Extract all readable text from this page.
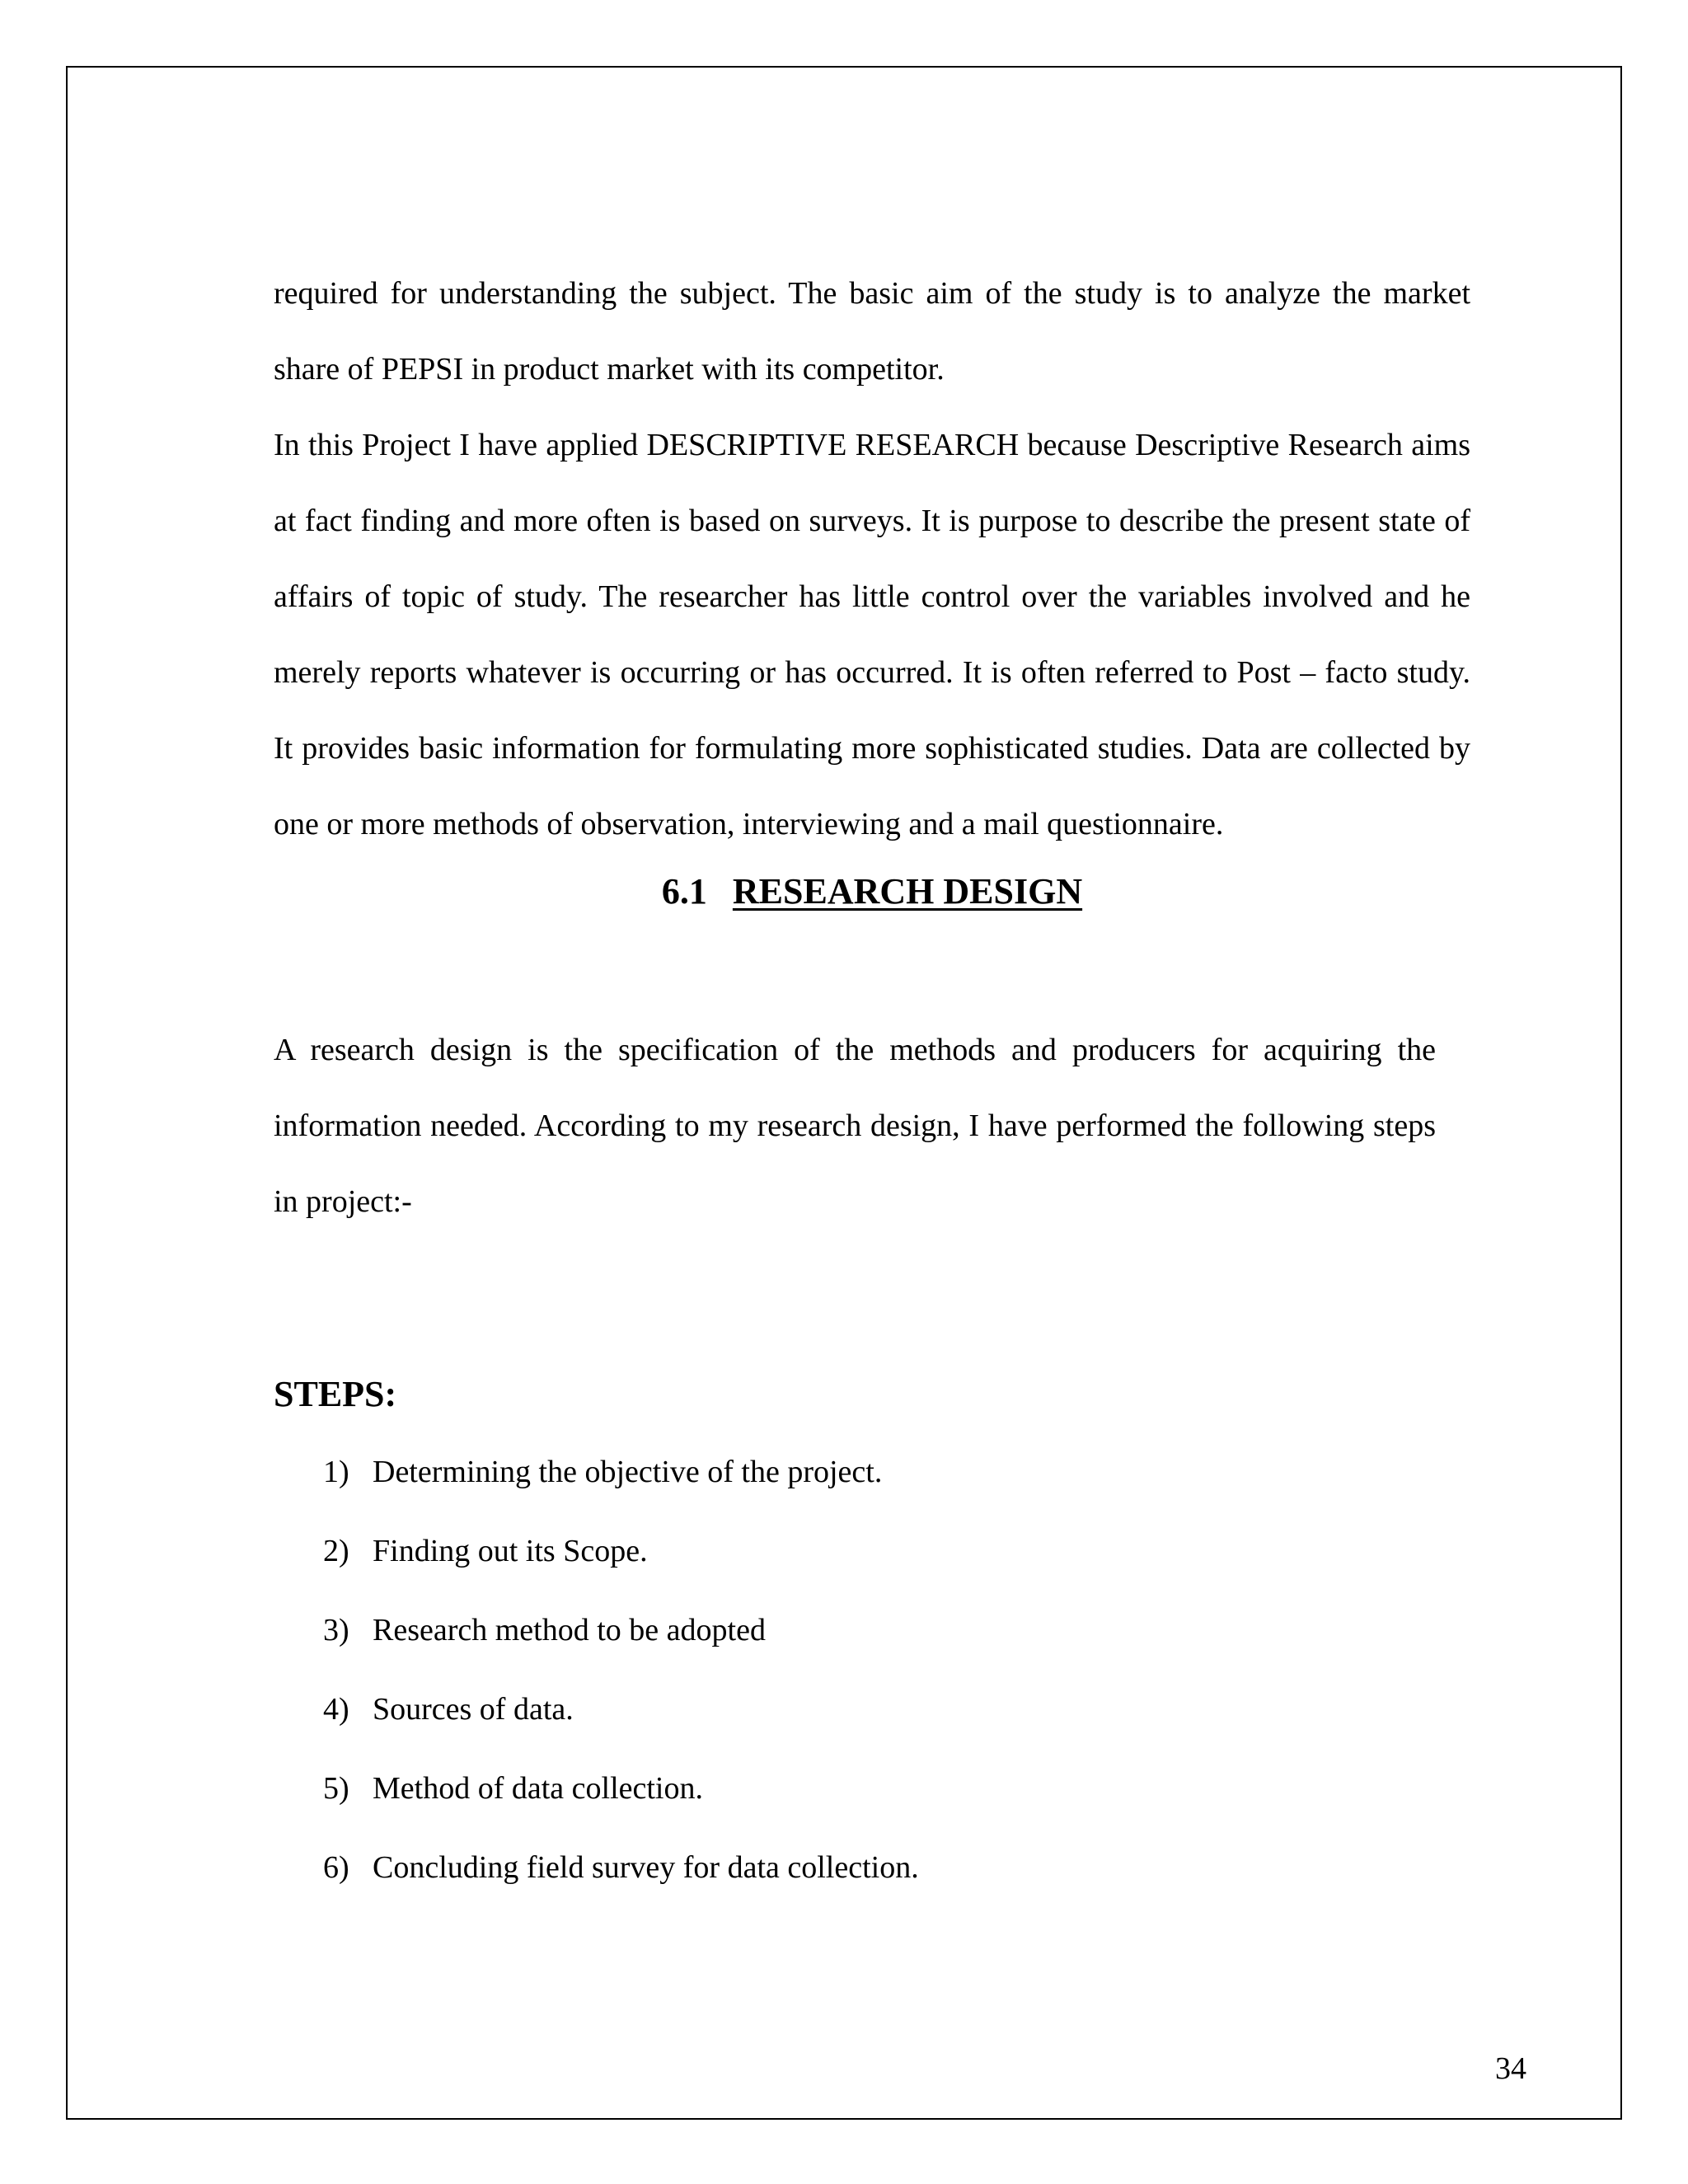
required for understanding the subject. The basic aim of the study is to analyze the market share of PEPSI in product market with its competitor.

In this Project I have applied DESCRIPTIVE RESEARCH because Descriptive Research aims at fact finding and more often is based on surveys. It is purpose to describe the present state of affairs of topic of study. The researcher has little control over the variables involved and he merely reports whatever is occurring or has occurred. It is often referred to Post – facto study. It provides basic information for formulating more sophisticated studies. Data are collected by one or more methods of observation, interviewing and a mail questionnaire.

6.1 RESEARCH DESIGN

A research design is the specification of the methods and producers for acquiring the information needed. According to my research design, I have performed the following steps in project:-

STEPS:
1) Determining the objective of the project.
2) Finding out its Scope.
3) Research method to be adopted
4) Sources of data.
5) Method of data collection.
6) Concluding field survey for data collection.
34
